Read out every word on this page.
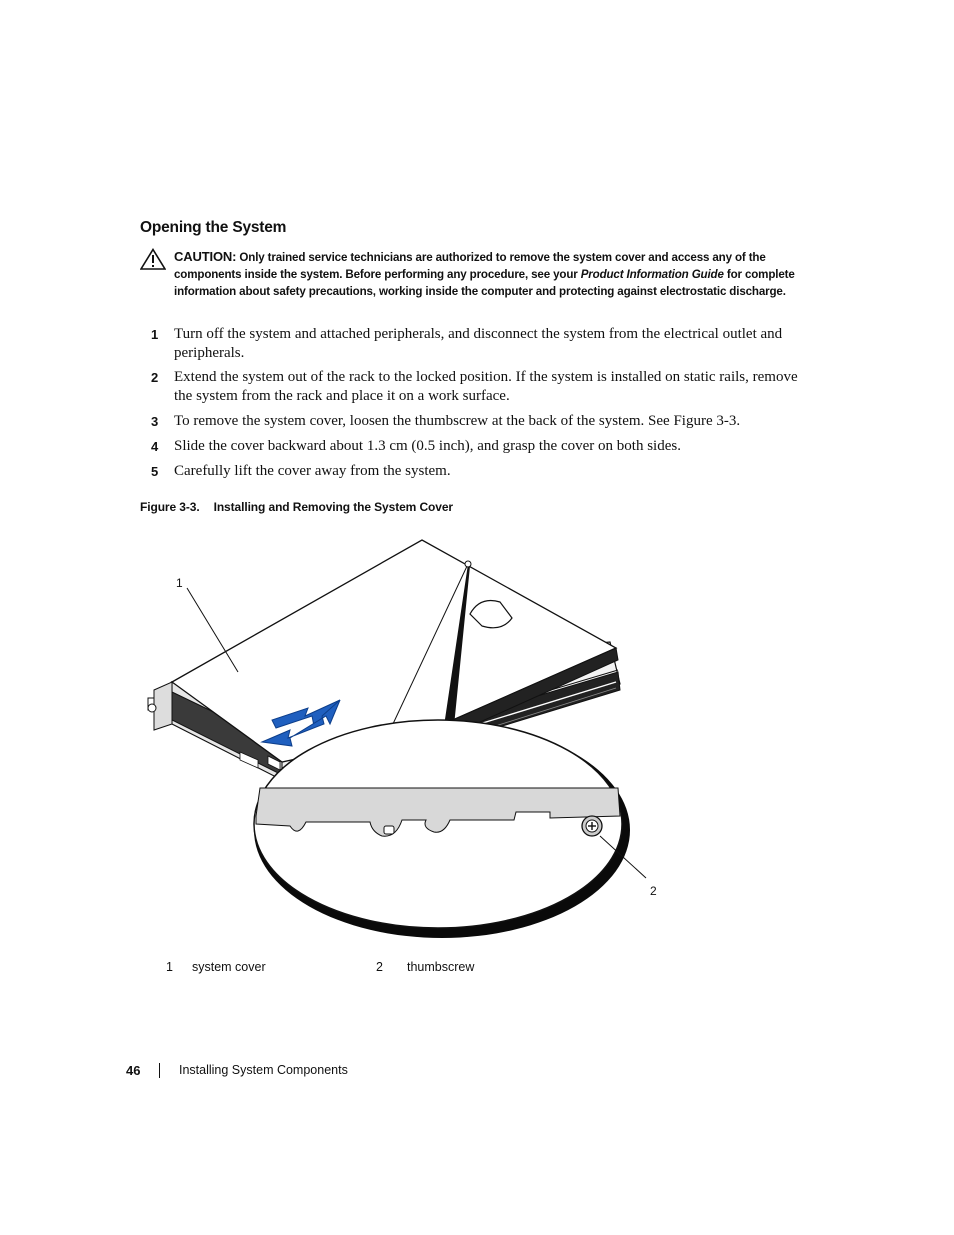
Opening the System
CAUTION: Only trained service technicians are authorized to remove the system cover and access any of the components inside the system. Before performing any procedure, see your Product Information Guide for complete information about safety precautions, working inside the computer and protecting against electrostatic discharge.
1 Turn off the system and attached peripherals, and disconnect the system from the electrical outlet and peripherals.
2 Extend the system out of the rack to the locked position. If the system is installed on static rails, remove the system from the rack and place it on a work surface.
3 To remove the system cover, loosen the thumbscrew at the back of the system. See Figure 3-3.
4 Slide the cover backward about 1.3 cm (0.5 inch), and grasp the cover on both sides.
5 Carefully lift the cover away from the system.
Figure 3-3. Installing and Removing the System Cover
1
2
1 system cover	2 thumbscrew
46	Installing System Components
